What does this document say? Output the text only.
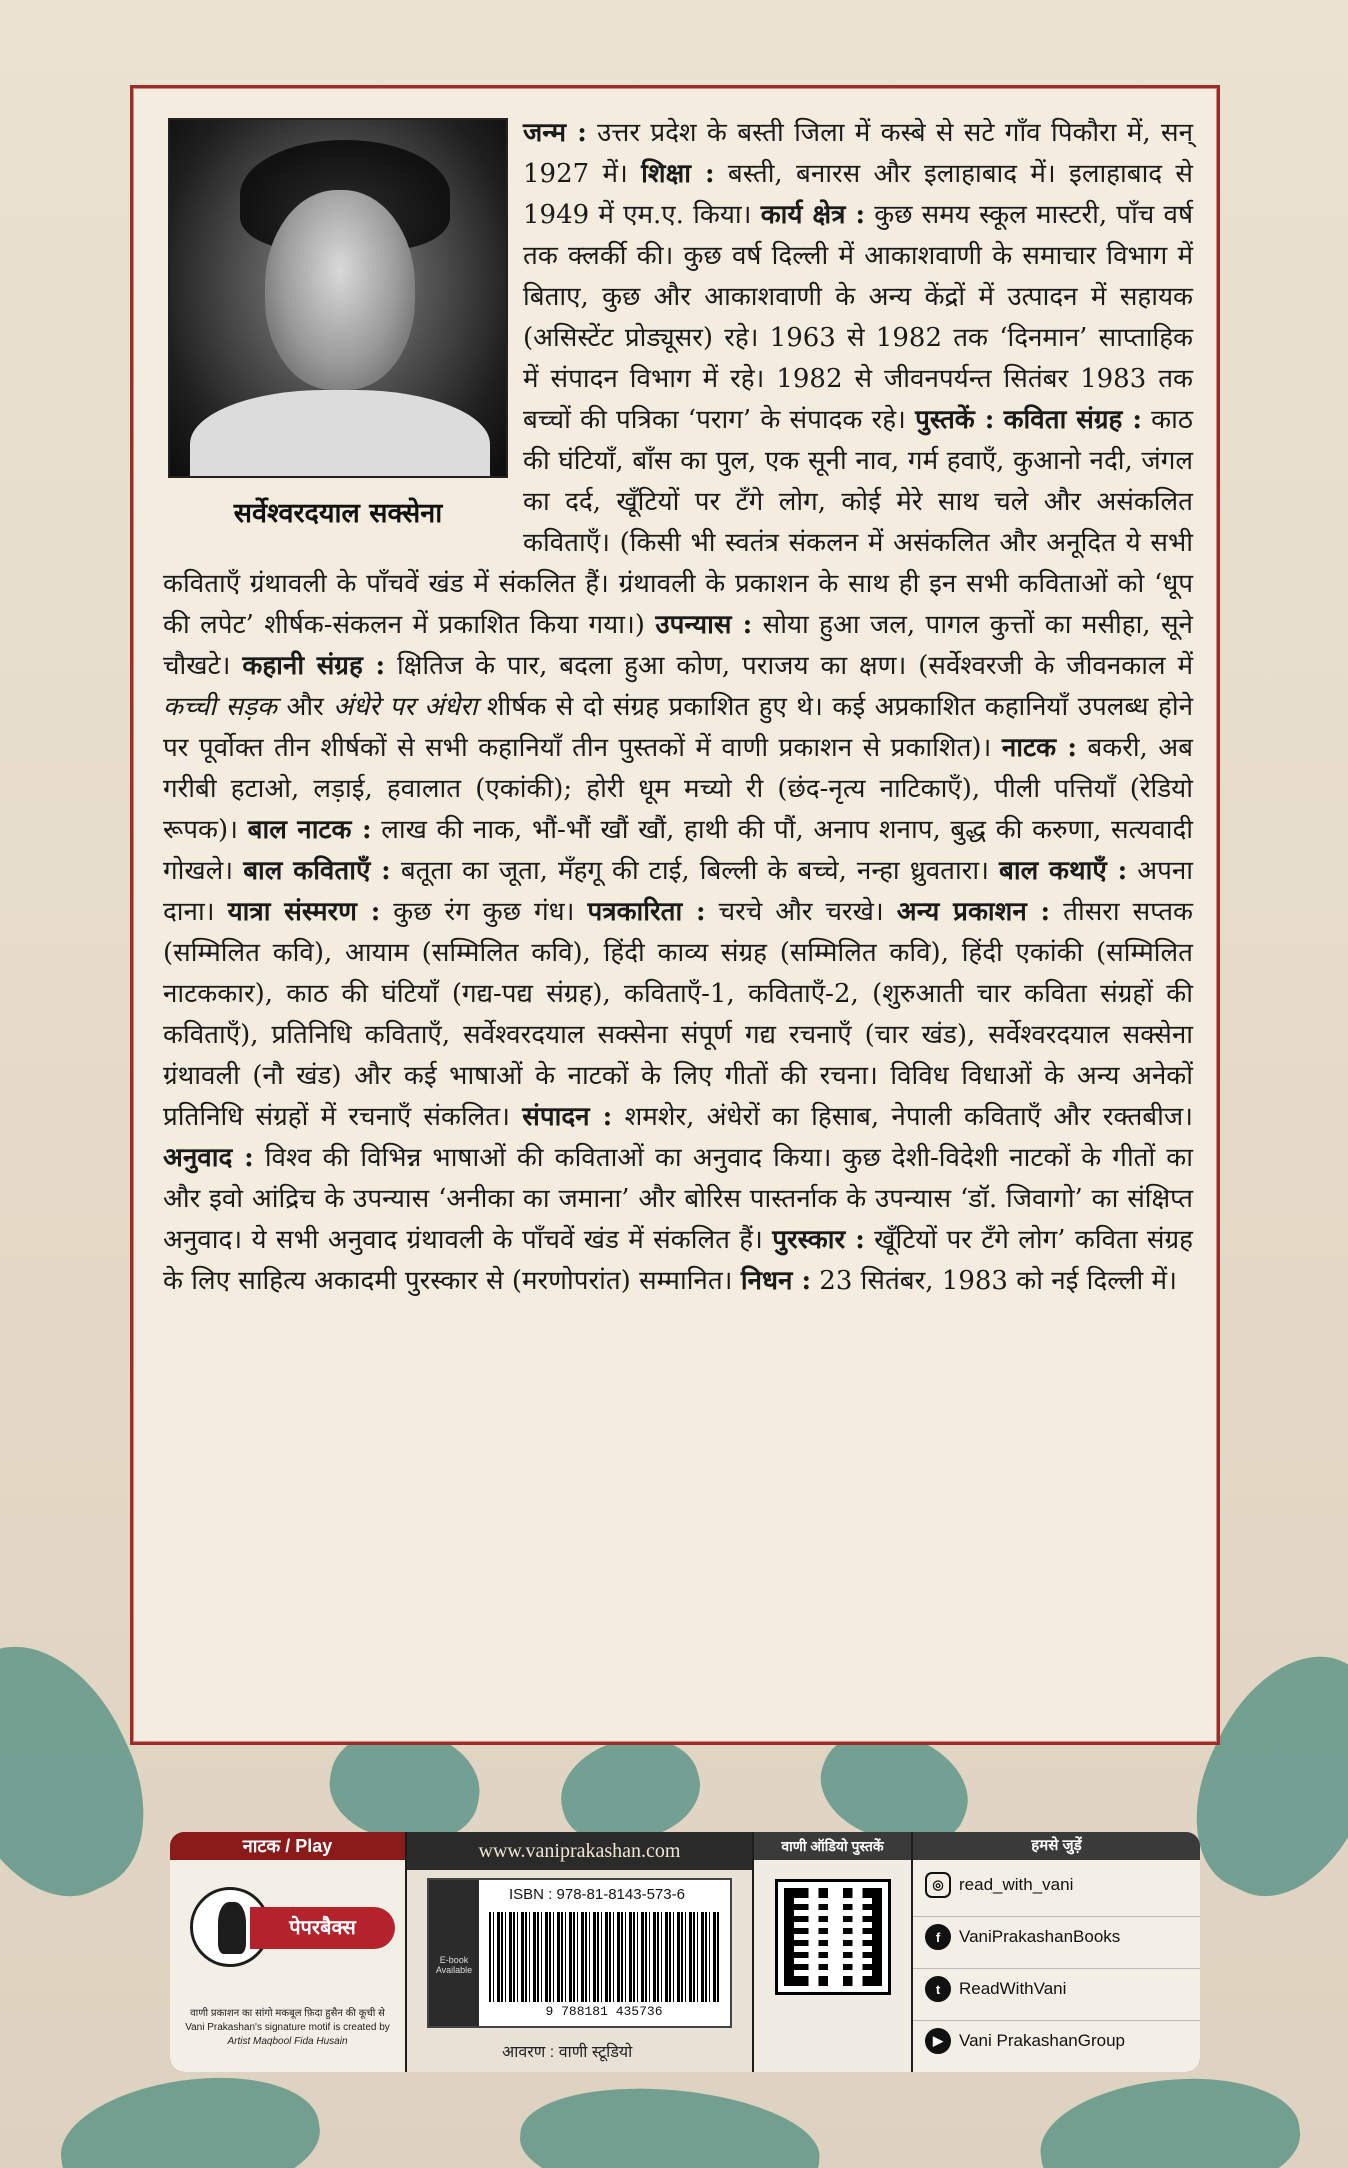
सर्वेश्वरदयाल सक्सेना
जन्म : उत्तर प्रदेश के बस्ती जिला में कस्बे से सटे गाँव पिकौरा में, सन् 1927 में। शिक्षा : बस्ती, बनारस और इलाहाबाद में। इलाहाबाद से 1949 में एम.ए. किया। कार्य क्षेत्र : कुछ समय स्कूल मास्टरी, पाँच वर्ष तक क्लर्की की। कुछ वर्ष दिल्ली में आकाशवाणी के समाचार विभाग में बिताए, कुछ और आकाशवाणी के अन्य केंद्रों में उत्पादन में सहायक (असिस्टेंट प्रोड्यूसर) रहे। 1963 से 1982 तक ‘दिनमान’ साप्ताहिक में संपादन विभाग में रहे। 1982 से जीवनपर्यन्त सितंबर 1983 तक बच्चों की पत्रिका ‘पराग’ के संपादक रहे। पुस्तकें : कविता संग्रह : काठ की घंटियाँ, बाँस का पुल, एक सूनी नाव, गर्म हवाएँ, कुआनो नदी, जंगल का दर्द, खूँटियों पर टँगे लोग, कोई मेरे साथ चले और असंकलित कविताएँ। (किसी भी स्वतंत्र संकलन में असंकलित और अनूदित ये सभी कविताएँ ग्रंथावली के पाँचवें खंड में संकलित हैं। ग्रंथावली के प्रकाशन के साथ ही इन सभी कविताओं को ‘धूप की लपेट’ शीर्षक-संकलन में प्रकाशित किया गया।) उपन्यास : सोया हुआ जल, पागल कुत्तों का मसीहा, सूने चौखटे। कहानी संग्रह : क्षितिज के पार, बदला हुआ कोण, पराजय का क्षण। (सर्वेश्वरजी के जीवनकाल में कच्ची सड़क और अंधेरे पर अंधेरा शीर्षक से दो संग्रह प्रकाशित हुए थे। कई अप्रकाशित कहानियाँ उपलब्ध होने पर पूर्वोक्त तीन शीर्षकों से सभी कहानियाँ तीन पुस्तकों में वाणी प्रकाशन से प्रकाशित)। नाटक : बकरी, अब गरीबी हटाओ, लड़ाई, हवालात (एकांकी); होरी धूम मच्यो री (छंद-नृत्य नाटिकाएँ), पीली पत्तियाँ (रेडियो रूपक)। बाल नाटक : लाख की नाक, भौं-भौं खौं खौं, हाथी की पौं, अनाप शनाप, बुद्ध की करुणा, सत्यवादी गोखले। बाल कविताएँ : बतूता का जूता, मँहगू की टाई, बिल्ली के बच्चे, नन्हा ध्रुवतारा। बाल कथाएँ : अपना दाना। यात्रा संस्मरण : कुछ रंग कुछ गंध। पत्रकारिता : चरचे और चरखे। अन्य प्रकाशन : तीसरा सप्तक (सम्मिलित कवि), आयाम (सम्मिलित कवि), हिंदी काव्य संग्रह (सम्मिलित कवि), हिंदी एकांकी (सम्मिलित नाटककार), काठ की घंटियाँ (गद्य-पद्य संग्रह), कविताएँ-1, कविताएँ-2, (शुरुआती चार कविता संग्रहों की कविताएँ), प्रतिनिधि कविताएँ, सर्वेश्वरदयाल सक्सेना संपूर्ण गद्य रचनाएँ (चार खंड), सर्वेश्वरदयाल सक्सेना ग्रंथावली (नौ खंड) और कई भाषाओं के नाटकों के लिए गीतों की रचना। विविध विधाओं के अन्य अनेकों प्रतिनिधि संग्रहों में रचनाएँ संकलित। संपादन : शमशेर, अंधेरों का हिसाब, नेपाली कविताएँ और रक्तबीज। अनुवाद : विश्व की विभिन्न भाषाओं की कविताओं का अनुवाद किया। कुछ देशी-विदेशी नाटकों के गीतों का और इवो आंद्रिच के उपन्यास ‘अनीका का जमाना’ और बोरिस पास्तर्नाक के उपन्यास ‘डॉ. जिवागो’ का संक्षिप्त अनुवाद। ये सभी अनुवाद ग्रंथावली के पाँचवें खंड में संकलित हैं। पुरस्कार : खूँटियों पर टँगे लोग’ कविता संग्रह के लिए साहित्य अकादमी पुरस्कार से (मरणोपरांत) सम्मानित। निधन : 23 सितंबर, 1983 को नई दिल्ली में।
नाटक / Play
पेपरबैक्स
वाणी प्रकाशन का सांगो मकबूल फ़िदा हुसैन की कूची से
Vani Prakashan's signature motif is created by
Artist Maqbool Fida Husain
www.vaniprakashan.com
E-book Available
ISBN : 978-81-8143-573-6
9 788181 435736
आवरण : वाणी स्टूडियो
वाणी ऑडियो पुस्तकें	हमसे जुड़ें
◎ read_with_vani
f	VaniPrakashanBooks
t	ReadWithVani
▶ Vani PrakashanGroup
